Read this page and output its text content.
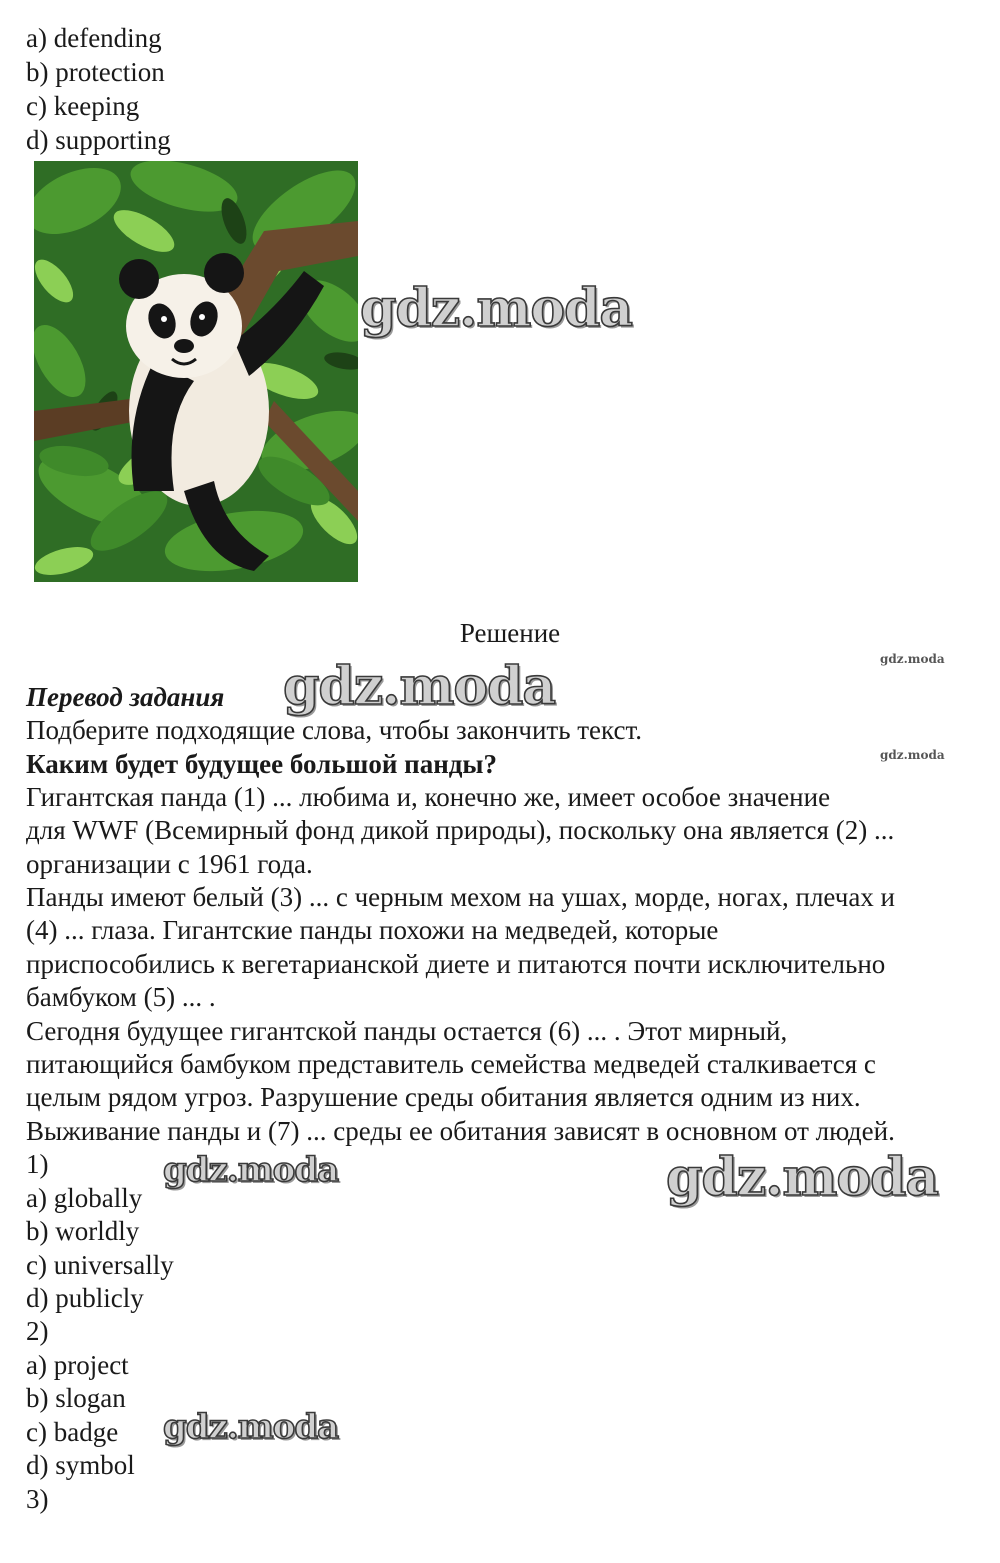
a) defending
b) protection
c) keeping
d) supporting
gdz.moda
gdz.moda
gdz.moda
gdz.moda
gdz.moda
gdz.moda
gdz.moda
Решение
Перевод задания
Подберите подходящие слова, чтобы закончить текст.
Каким будет будущее большой панды?
Гигантская панда (1) ... любима и, конечно же, имеет особое значение
для WWF (Всемирный фонд дикой природы), поскольку она является (2) ...
организации с 1961 года.
Панды имеют белый (3) ... с черным мехом на ушах, морде, ногах, плечах и
(4) ... глаза. Гигантские панды похожи на медведей, которые
приспособились к вегетарианской диете и питаются почти исключительно
бамбуком (5) ... .
Сегодня будущее гигантской панды остается (6) ... . Этот мирный,
питающийся бамбуком представитель семейства медведей сталкивается с
целым рядом угроз. Разрушение среды обитания является одним из них.
Выживание панды и (7) ... среды ее обитания зависят в основном от людей.
1)
a) globally
b) worldly
c) universally
d) publicly
2)
a) project
b) slogan
c) badge
d) symbol
3)
